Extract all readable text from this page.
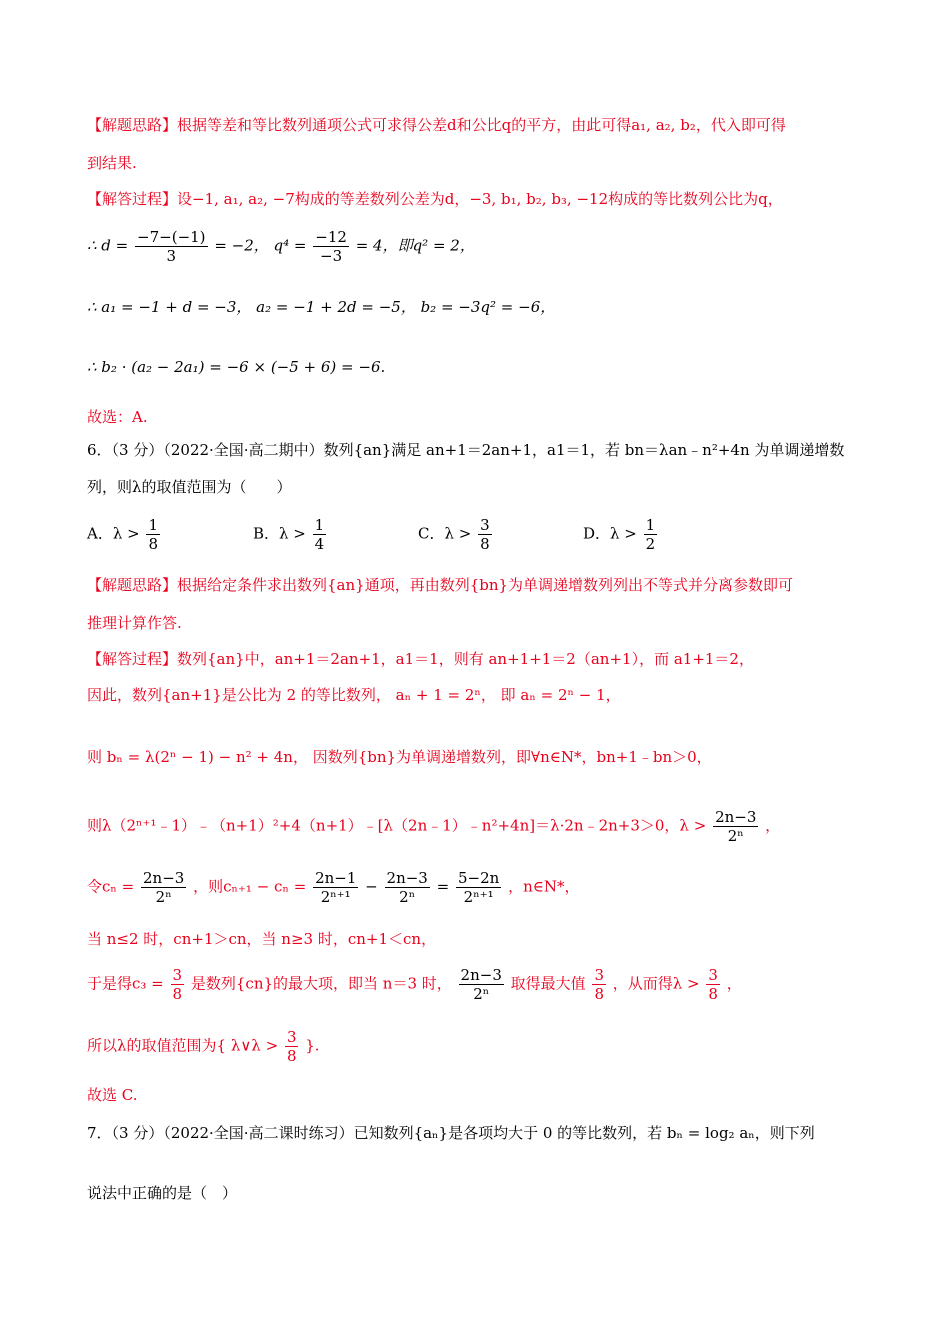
【解题思路】根据等差和等比数列通项公式可求得公差d和公比q的平方，由此可得a₁, a₂, b₂，代入即可得
到结果.
【解答过程】设−1, a₁, a₂, −7构成的等差数列公差为d，−3, b₁, b₂, b₃, −12构成的等比数列公比为q，
∴ $d = \frac{-7-(-1)}{3} = -2$， $q^4 = \frac{-12}{-3} = 4$，即q² = 2，
∴ a₁ = −1 + d = −3， a₂ = −1 + 2d = −5， b₂ = −3q² = −6，
∴ b₂ · (a₂ − 2a₁) = −6 × (−5 + 6) = −6.
故选：A.
6．（3 分）（2022·全国·高二期中）数列{an}满足 an+1＝2an+1，a1＝1，若 bn＝λan﹣n²+4n 为单调递增数
列，则λ的取值范围为（　　）
A．$\lambda > \frac{1}{8}$	B．$\lambda > \frac{1}{4}$	C．$\lambda > \frac{3}{8}$	D．$\lambda > \frac{1}{2}$
【解题思路】根据给定条件求出数列{an}通项，再由数列{bn}为单调递增数列列出不等式并分离参数即可
推理计算作答.
【解答过程】数列{an}中，an+1＝2an+1，a1＝1，则有 an+1+1＝2（an+1），而 a1+1＝2，
因此，数列{an+1}是公比为 2 的等比数列， aₙ + 1 = 2ⁿ， 即 aₙ = 2ⁿ − 1，
则 bₙ = λ(2ⁿ − 1) − n² + 4n， 因数列{bn}为单调递增数列，即∀n∈N*，bn+1﹣bn＞0，
则λ（2ⁿ⁺¹﹣1）﹣（n+1）²+4（n+1）﹣[λ（2n﹣1）﹣n²+4n]＝λ·2n﹣2n+3＞0，$\lambda > \frac{2n-3}{\text{2ⁿ}}$ ，
令$c_n = \frac{2n-3}{\text{2ⁿ}}$ ，则$c_{n+1} - c_n = \frac{2n-1}{\text{2ⁿ⁺¹}} - \frac{2n-3}{\text{2ⁿ}} = \frac{5-2n}{\text{2ⁿ⁺¹}}$ ，n∈N*，
当 n≤2 时，cn+1＞cn，当 n≥3 时，cn+1＜cn，
于是得$c_3 = \frac{3}{8}$ 是数列{cn}的最大项，即当 n＝3 时， $\frac{2n-3}{\text{2ⁿ}}$ 取得最大值 $\frac{3}{8}$ ，从而得$\lambda > \frac{3}{8}$ ，
所以λ的取值范围为{ λ∨λ > $\frac{3}{8}$ }.
故选 C.
7．（3 分）（2022·全国·高二课时练习）已知数列{aₙ}是各项均大于 0 的等比数列，若 bₙ = log₂ aₙ，则下列
说法中正确的是（　）
